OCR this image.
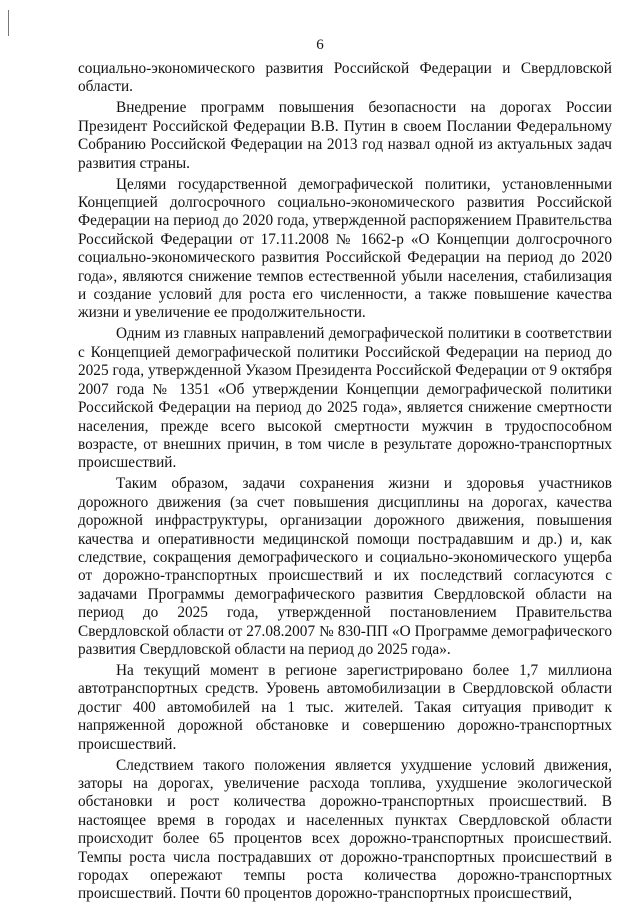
6

социально-экономического развития Российской Федерации и Свердловской области.

Внедрение программ повышения безопасности на дорогах России Президент Российской Федерации В.В. Путин в своем Послании Федеральному Собранию Российской Федерации на 2013 год назвал одной из актуальных задач развития страны.

Целями государственной демографической политики, установленными Концепцией долгосрочного социально-экономического развития Российской Федерации на период до 2020 года, утвержденной распоряжением Правительства Российской Федерации от 17.11.2008 № 1662-р «О Концепции долгосрочного социально-экономического развития Российской Федерации на период до 2020 года», являются снижение темпов естественной убыли населения, стабилизация и создание условий для роста его численности, а также повышение качества жизни и увеличение ее продолжительности.

Одним из главных направлений демографической политики в соответствии с Концепцией демографической политики Российской Федерации на период до 2025 года, утвержденной Указом Президента Российской Федерации от 9 октября 2007 года № 1351 «Об утверждении Концепции демографической политики Российской Федерации на период до 2025 года», является снижение смертности населения, прежде всего высокой смертности мужчин в трудоспособном возрасте, от внешних причин, в том числе в результате дорожно-транспортных происшествий.

Таким образом, задачи сохранения жизни и здоровья участников дорожного движения (за счет повышения дисциплины на дорогах, качества дорожной инфраструктуры, организации дорожного движения, повышения качества и оперативности медицинской помощи пострадавшим и др.) и, как следствие, сокращения демографического и социально-экономического ущерба от дорожно-транспортных происшествий и их последствий согласуются с задачами Программы демографического развития Свердловской области на период до 2025 года, утвержденной постановлением Правительства Свердловской области от 27.08.2007 № 830-ПП «О Программе демографического развития Свердловской области на период до 2025 года».

На текущий момент в регионе зарегистрировано более 1,7 миллиона автотранспортных средств. Уровень автомобилизации в Свердловской области достиг 400 автомобилей на 1 тыс. жителей. Такая ситуация приводит к напряженной дорожной обстановке и совершению дорожно-транспортных происшествий.

Следствием такого положения является ухудшение условий движения, заторы на дорогах, увеличение расхода топлива, ухудшение экологической обстановки и рост количества дорожно-транспортных происшествий. В настоящее время в городах и населенных пунктах Свердловской области происходит более 65 процентов всех дорожно-транспортных происшествий. Темпы роста числа пострадавших от дорожно-транспортных происшествий в городах опережают темпы роста количества дорожно-транспортных происшествий. Почти 60 процентов дорожно-транспортных происшествий,
